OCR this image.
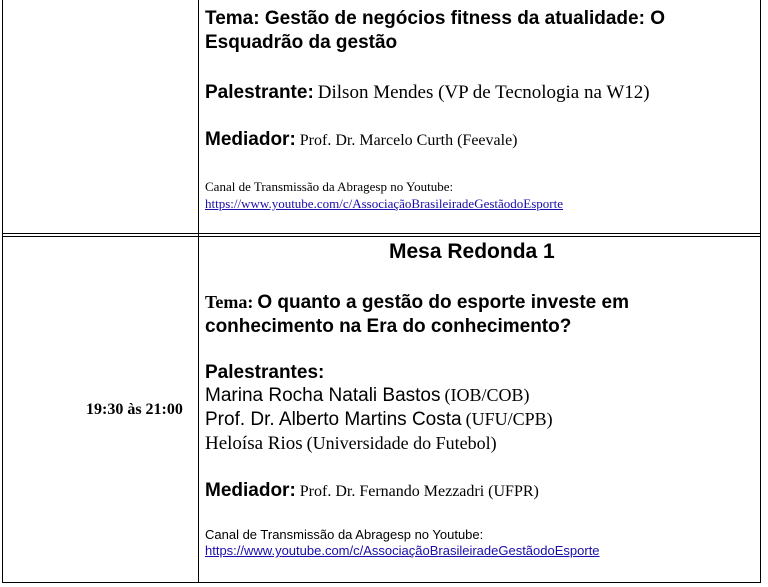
Tema: Gestão de negócios fitness da atualidade: O
Esquadrão da gestão
Palestrante: Dilson Mendes (VP de Tecnologia na W12)
Mediador: Prof. Dr. Marcelo Curth (Feevale)
Canal de Transmissão da Abragesp no Youtube:
https://www.youtube.com/c/AssociaçãoBrasileiradeGestãodoEsporte
19:30 às 21:00
Mesa Redonda 1
Tema: O quanto a gestão do esporte investe em
conhecimento na Era do conhecimento?
Palestrantes:
Marina Rocha Natali Bastos (IOB/COB)
Prof. Dr. Alberto Martins Costa (UFU/CPB)
Heloísa Rios (Universidade do Futebol)
Mediador: Prof. Dr. Fernando Mezzadri (UFPR)
Canal de Transmissão da Abragesp no Youtube:
https://www.youtube.com/c/AssociaçãoBrasileiradeGestãodoEsporte
